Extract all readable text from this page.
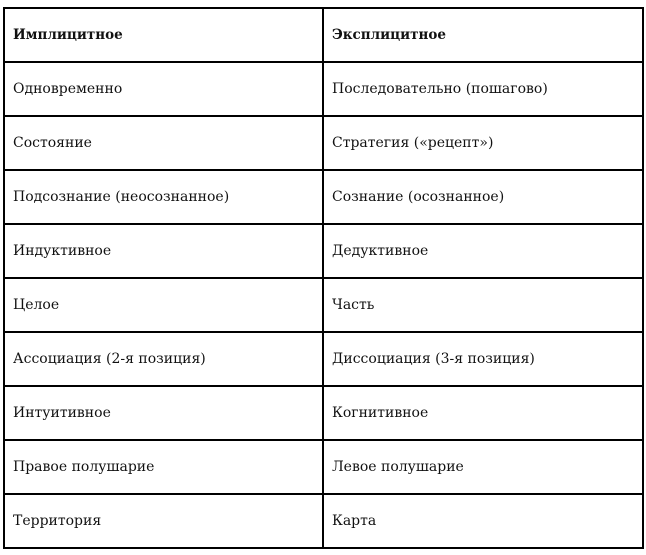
Имплицитное	Эксплицитное
Одновременно	Последовательно (пошагово)
Состояние	Стратегия («рецепт»)
Подсознание (неосознанное)	Сознание (осознанное)
Индуктивное	Дедуктивное
Целое	Часть
Ассоциация (2-я позиция)	Диссоциация (3-я позиция)
Интуитивное	Когнитивное
Правое полушарие	Левое полушарие
Территория	Карта
